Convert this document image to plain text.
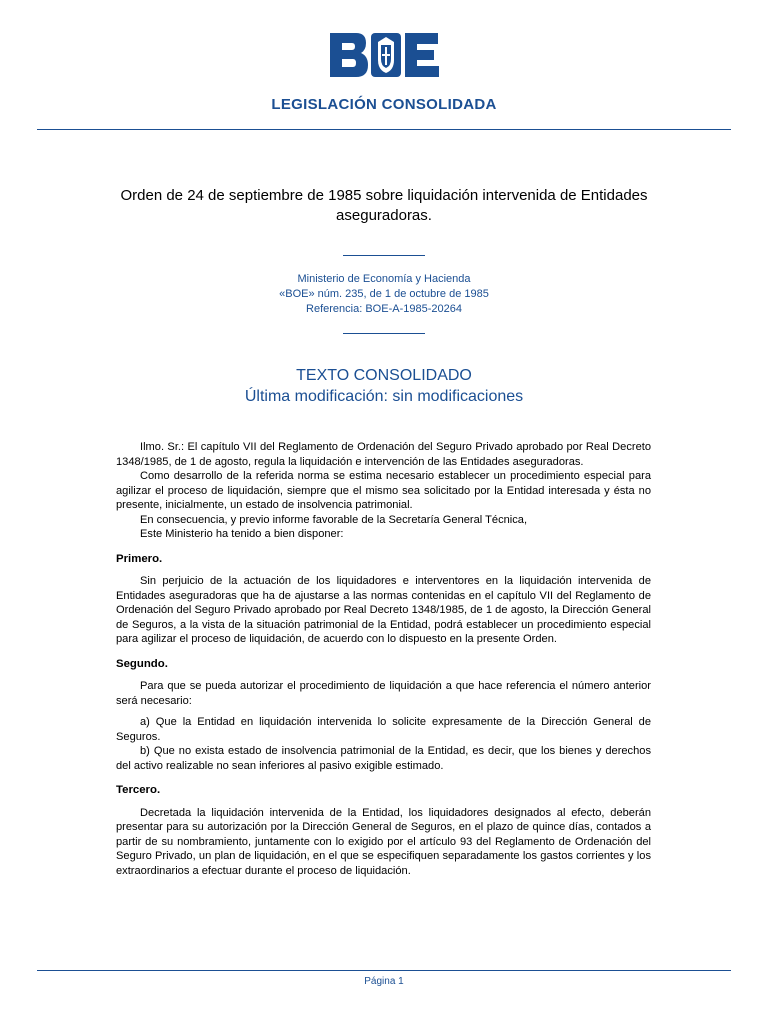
LEGISLACIÓN CONSOLIDADA
Orden de 24 de septiembre de 1985 sobre liquidación intervenida de Entidades aseguradoras.
Ministerio de Economía y Hacienda
«BOE» núm. 235, de 1 de octubre de 1985
Referencia: BOE-A-1985-20264
TEXTO CONSOLIDADO
Última modificación: sin modificaciones

Ilmo. Sr.: El capítulo VII del Reglamento de Ordenación del Seguro Privado aprobado por Real Decreto 1348/1985, de 1 de agosto, regula la liquidación e intervención de las Entidades aseguradoras.

Como desarrollo de la referida norma se estima necesario establecer un procedimiento especial para agilizar el proceso de liquidación, siempre que el mismo sea solicitado por la Entidad interesada y ésta no presente, inicialmente, un estado de insolvencia patrimonial.

En consecuencia, y previo informe favorable de la Secretaría General Técnica,

Este Ministerio ha tenido a bien disponer:

Primero.

Sin perjuicio de la actuación de los liquidadores e interventores en la liquidación intervenida de Entidades aseguradoras que ha de ajustarse a las normas contenidas en el capítulo VII del Reglamento de Ordenación del Seguro Privado aprobado por Real Decreto 1348/1985, de 1 de agosto, la Dirección General de Seguros, a la vista de la situación patrimonial de la Entidad, podrá establecer un procedimiento especial para agilizar el proceso de liquidación, de acuerdo con lo dispuesto en la presente Orden.

Segundo.

Para que se pueda autorizar el procedimiento de liquidación a que hace referencia el número anterior será necesario:

a) Que la Entidad en liquidación intervenida lo solicite expresamente de la Dirección General de Seguros.

b) Que no exista estado de insolvencia patrimonial de la Entidad, es decir, que los bienes y derechos del activo realizable no sean inferiores al pasivo exigible estimado.

Tercero.

Decretada la liquidación intervenida de la Entidad, los liquidadores designados al efecto, deberán presentar para su autorización por la Dirección General de Seguros, en el plazo de quince días, contados a partir de su nombramiento, juntamente con lo exigido por el artículo 93 del Reglamento de Ordenación del Seguro Privado, un plan de liquidación, en el que se especifiquen separadamente los gastos corrientes y los extraordinarios a efectuar durante el proceso de liquidación.

Página 1
